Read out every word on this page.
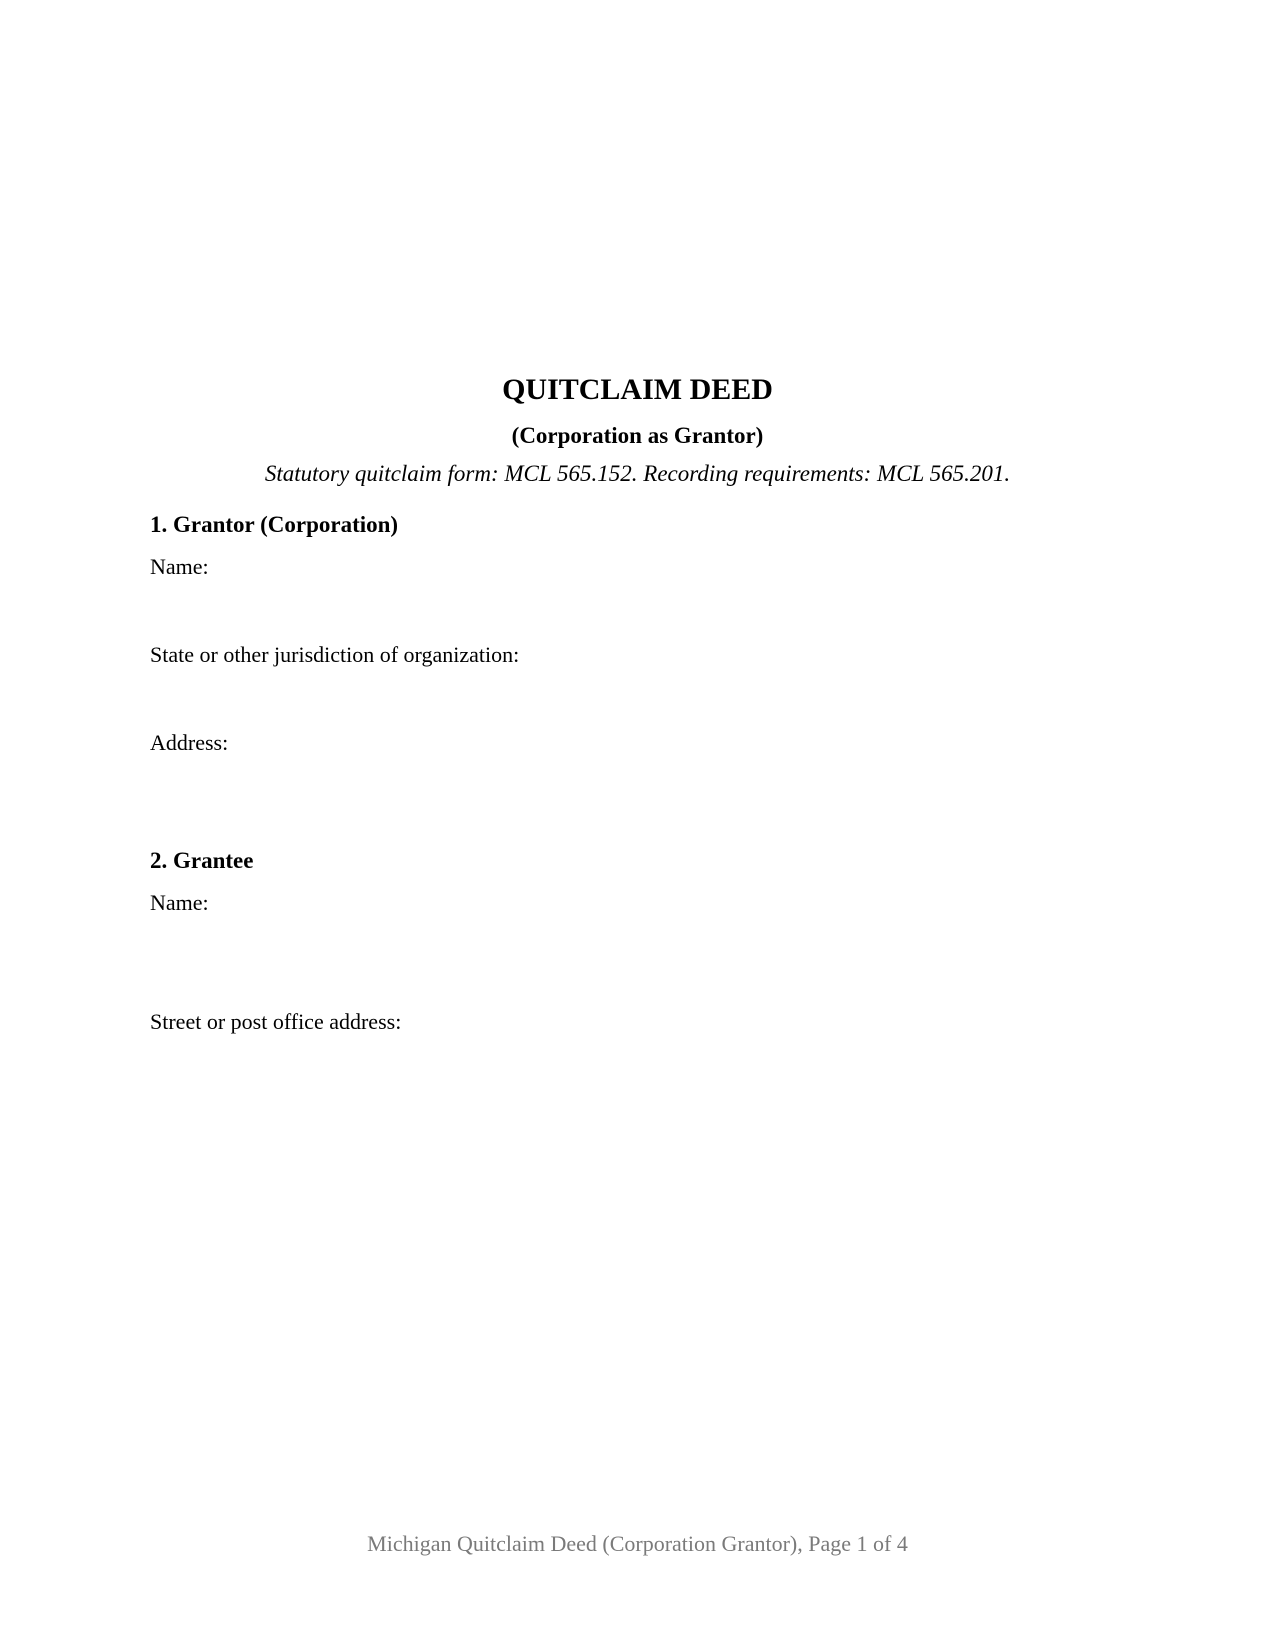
QUITCLAIM DEED
(Corporation as Grantor)
Statutory quitclaim form: MCL 565.152. Recording requirements: MCL 565.201.
1. Grantor (Corporation)
Name:
State or other jurisdiction of organization:
Address:
2. Grantee
Name:
Street or post office address:
Michigan Quitclaim Deed (Corporation Grantor), Page 1 of 4
